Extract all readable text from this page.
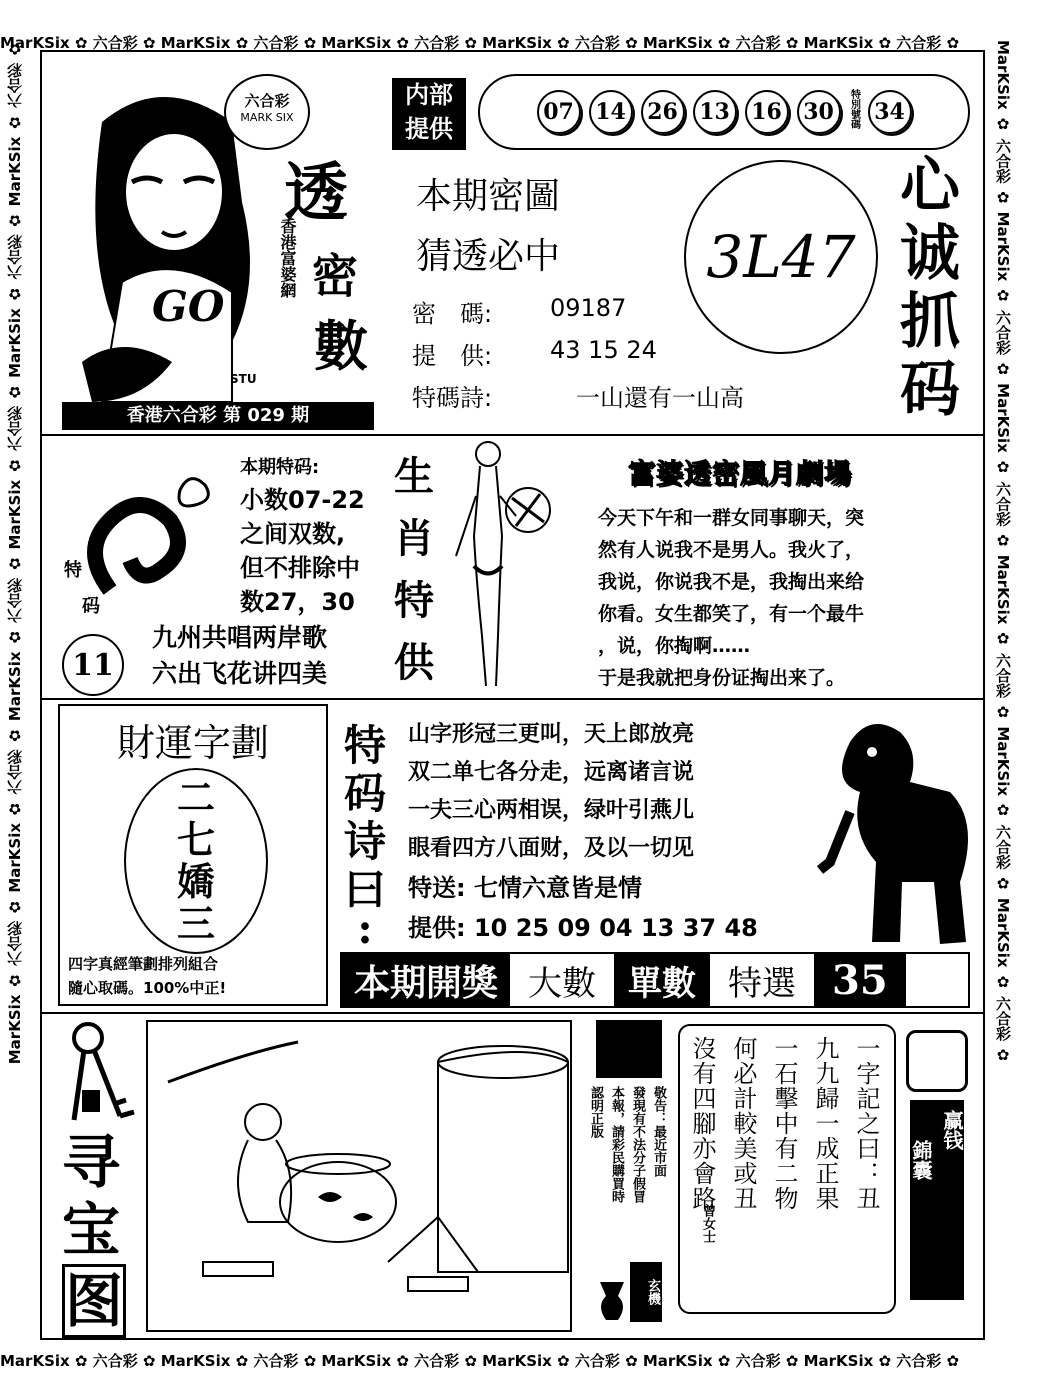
MarKSix ✿ 六合彩 ✿ MarKSix ✿ 六合彩 ✿ MarKSix ✿ 六合彩 ✿ MarKSix ✿ 六合彩 ✿ MarKSix ✿ 六合彩 ✿ MarKSix ✿ 六合彩 ✿
MarKSix ✿ 六合彩 ✿ MarKSix ✿ 六合彩 ✿ MarKSix ✿ 六合彩 ✿ MarKSix ✿ 六合彩 ✿ MarKSix ✿ 六合彩 ✿ MarKSix ✿ 六合彩 ✿
MarKSix ✿ 六合彩 ✿ MarKSix ✿ 六合彩 ✿ MarKSix ✿ 六合彩 ✿ MarKSix ✿ 六合彩 ✿ MarKSix ✿ 六合彩 ✿ MarKSix ✿ 六合彩 ✿	MarKSix ✿ 六合彩 ✿ MarKSix ✿ 六合彩 ✿ MarKSix ✿ 六合彩 ✿ MarKSix ✿ 六合彩 ✿ MarKSix ✿ 六合彩 ✿ MarKSix ✿ 六合彩 ✿
GO
STU
六合彩
MARK SIX
透
密
數
香港富婆網
香港六合彩 第 029 期
内部
提供
07 14 26 13 16 30	特別號碼 34
本期密圖
猜透必中
密　碼: 09187
提　供: 43 15 24
特碼詩:	一山還有一山高
3L47
心
诚
抓
码
特
码
本期特码:
小数07-22
之间双数,
但不排除中
数27，30
11
九州共唱两岸歌
六出飞花讲四美
生
肖
特
供
富婆透密風月劇場
今天下午和一群女同事聊天，突
然有人说我不是男人。我火了，
我说，你说我不是，我掏出来给
你看。女生都笑了，有一个最牛
，说，你掏啊……
于是我就把身份证掏出来了。
財運字劃
二
七
嬌
三
四字真經筆劃排列組合
隨心取碼。100%中正!
特
码
诗
曰
:
山字形冠三更叫，天上郎放亮
双二单七各分走，远离诸言说
一夫三心两相误，绿叶引燕儿
眼看四方八面财，及以一切见
特送: 七情六意皆是情
提供: 10 25 09 04 13 37 48
本期開獎 大數 單數 特選 35
寻
宝
图
敬告：最近市面
發現有不法分子假冒
本報，請彩民購買時
認明正版
玄機
一字記之曰：丑
九九歸一成正果
一石擊中有二物
何必計較美或丑
沒有四腳亦會路
曾女士
赢钱
錦囊
